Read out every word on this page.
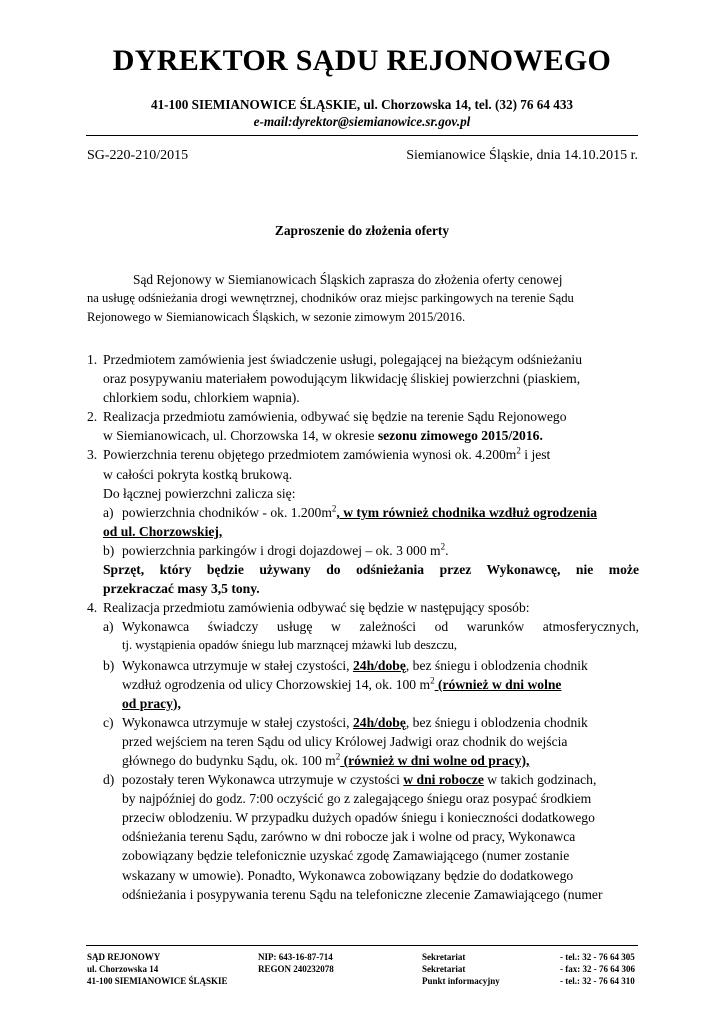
DYREKTOR SĄDU REJONOWEGO
41-100 SIEMIANOWICE ŚLĄSKIE, ul. Chorzowska 14, tel. (32) 76 64 433
e-mail:dyrektor@siemianowice.sr.gov.pl
SG-220-210/2015	Siemianowice Śląskie, dnia 14.10.2015 r.
Zaproszenie do złożenia oferty

Sąd Rejonowy w Siemianowicach Śląskich zaprasza do złożenia oferty cenowej

na usługę odśnieżania drogi wewnętrznej, chodników oraz miejsc parkingowych na terenie Sądu

Rejonowego w Siemianowicach Śląskich, w sezonie zimowym 2015/2016.

1. Przedmiotem zamówienia jest świadczenie usługi, polegającej na bieżącym odśnieżaniu
oraz posypywaniu materiałem powodującym likwidację śliskiej powierzchni (piaskiem,
chlorkiem sodu, chlorkiem wapnia).
2. Realizacja przedmiotu zamówienia, odbywać się będzie na terenie Sądu Rejonowego
w Siemianowicach, ul. Chorzowska 14, w okresie sezonu zimowego 2015/2016.
3. Powierzchnia terenu objętego przedmiotem zamówienia wynosi ok. $4.200m^2$ i jest
w całości pokryta kostką brukową.
Do łącznej powierzchni zalicza się:
a) powierzchnia chodników - ok. $1.200m^2$, w tym również chodnika wzdłuż ogrodzenia
od ul. Chorzowskiej,
b) powierzchnia parkingów i drogi dojazdowej – ok. 3 000 $m^2$.
Sprzęt, który będzie używany do odśnieżania przez Wykonawcę, nie może
przekraczać masy 3,5 tony.
4. Realizacja przedmiotu zamówienia odbywać się będzie w następujący sposób:
a) Wykonawca świadczy usługę w zależności od warunków atmosferycznych,
tj. wystąpienia opadów śniegu lub marznącej mżawki lub deszczu,
b) Wykonawca utrzymuje w stałej czystości, 24h/dobę, bez śniegu i oblodzenia chodnik
wzdłuż ogrodzenia od ulicy Chorzowskiej 14, ok. 100 $m^2$ (również w dni wolne
od pracy),
c) Wykonawca utrzymuje w stałej czystości, 24h/dobę, bez śniegu i oblodzenia chodnik
przed wejściem na teren Sądu od ulicy Królowej Jadwigi oraz chodnik do wejścia
głównego do budynku Sądu, ok. 100 $m^2$ (również w dni wolne od pracy),
d) pozostały teren Wykonawca utrzymuje w czystości w dni robocze w takich godzinach,
by najpóźniej do godz. 7:00 oczyścić go z zalegającego śniegu oraz posypać środkiem
przeciw oblodzeniu. W przypadku dużych opadów śniegu i konieczności dodatkowego
odśnieżania terenu Sądu, zarówno w dni robocze jak i wolne od pracy, Wykonawca
zobowiązany będzie telefonicznie uzyskać zgodę Zamawiającego (numer zostanie
wskazany w umowie). Ponadto, Wykonawca zobowiązany będzie do dodatkowego
odśnieżania i posypywania terenu Sądu na telefoniczne zlecenie Zamawiającego (numer
SĄD REJONOWY
ul. Chorzowska 14
41-100 SIEMIANOWICE ŚLĄSKIE
NIP: 643-16-87-714
REGON 240232078
Sekretariat
Sekretariat
Punkt informacyjny
- tel.: 32 - 76 64 305
- fax: 32 - 76 64 306
- tel.: 32 - 76 64 310
